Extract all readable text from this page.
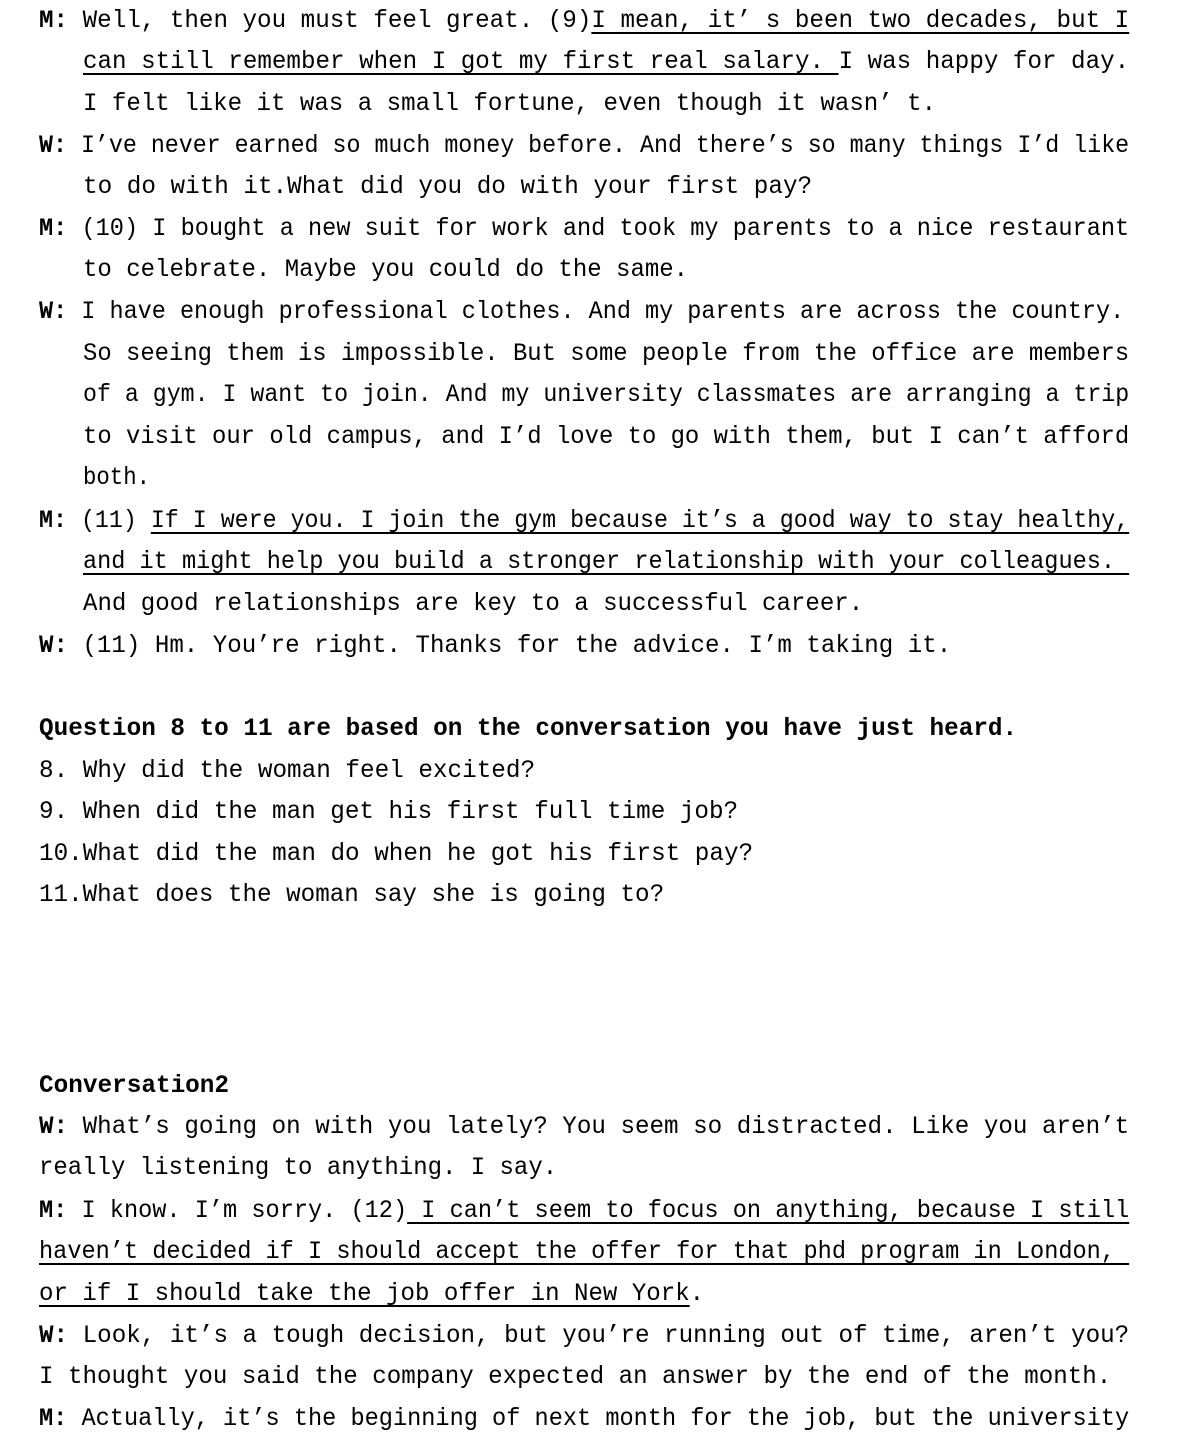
M: Well, then you must feel great. (9)I mean, it’ s been two decades, but I
can still remember when I got my first real salary. I was happy for day.
I felt like it was a small fortune, even though it wasn’ t.
W: I’ve never earned so much money before. And there’s so many things I’d like
to do with it.What did you do with your first pay?
M: (10) I bought a new suit for work and took my parents to a nice restaurant
to celebrate. Maybe you could do the same.
W: I have enough professional clothes. And my parents are across the country.
So seeing them is impossible. But some people from the office are members
of a gym. I want to join. And my university classmates are arranging a trip
to visit our old campus, and I’d love to go with them, but I can’t afford
both.
M: (11) If I were you. I join the gym because it’s a good way to stay healthy,
and it might help you build a stronger relationship with your colleagues.
And good relationships are key to a successful career.
W: (11) Hm. You’re right. Thanks for the advice. I’m taking it.
Question 8 to 11 are based on the conversation you have just heard.
8. Why did the woman feel excited?
9. When did the man get his first full time job?
10.What did the man do when he got his first pay?
11.What does the woman say she is going to?
Conversation2
W: What’s going on with you lately? You seem so distracted. Like you aren’t
really listening to anything. I say.
M: I know. I’m sorry. (12) I can’t seem to focus on anything, because I still
haven’t decided if I should accept the offer for that phd program in London,
or if I should take the job offer in New York.
W: Look, it’s a tough decision, but you’re running out of time, aren’t you?
I thought you said the company expected an answer by the end of the month.
M: Actually, it’s the beginning of next month for the job, but the university
